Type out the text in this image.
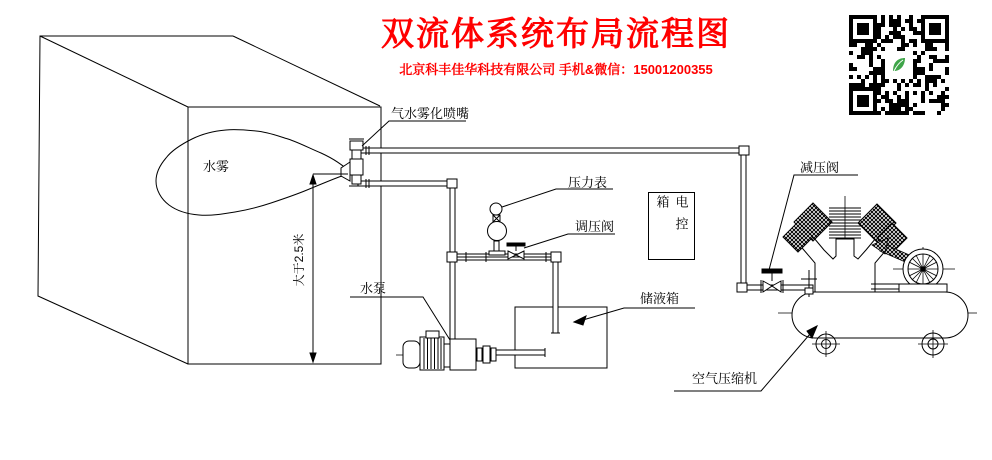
双流体系统布局流程图
北京科丰佳华科技有限公司 手机&微信：15001200355
气水雾化喷嘴
水雾
大于2.5米
压力表
调压阀	电控箱
减压阀
水泵
储液箱
空气压缩机
